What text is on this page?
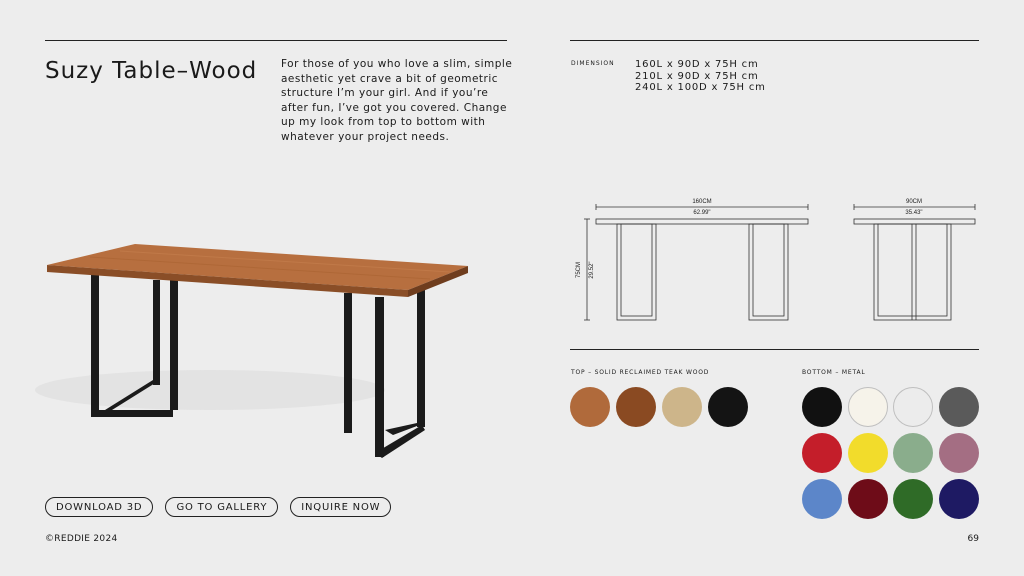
Suzy Table–Wood For those of you who love a slim, simple aesthetic yet crave a bit of geometric structure I’m your girl. And if you’re after fun, I’ve got you covered. Change up my look from top to bottom with whatever your project needs.

DOWNLOAD 3D	GO TO GALLERY	INQUIRE NOW
©REDDIE 2024	69
DIMENSION 160L x 90D x 75H cm
210L x 90D x 75H cm
240L x 100D x 75H cm
160CM
62.99"
75CM 29.52"
90CM
35.43"
TOP – SOLID RECLAIMED TEAK WOOD	BOTTOM – METAL
